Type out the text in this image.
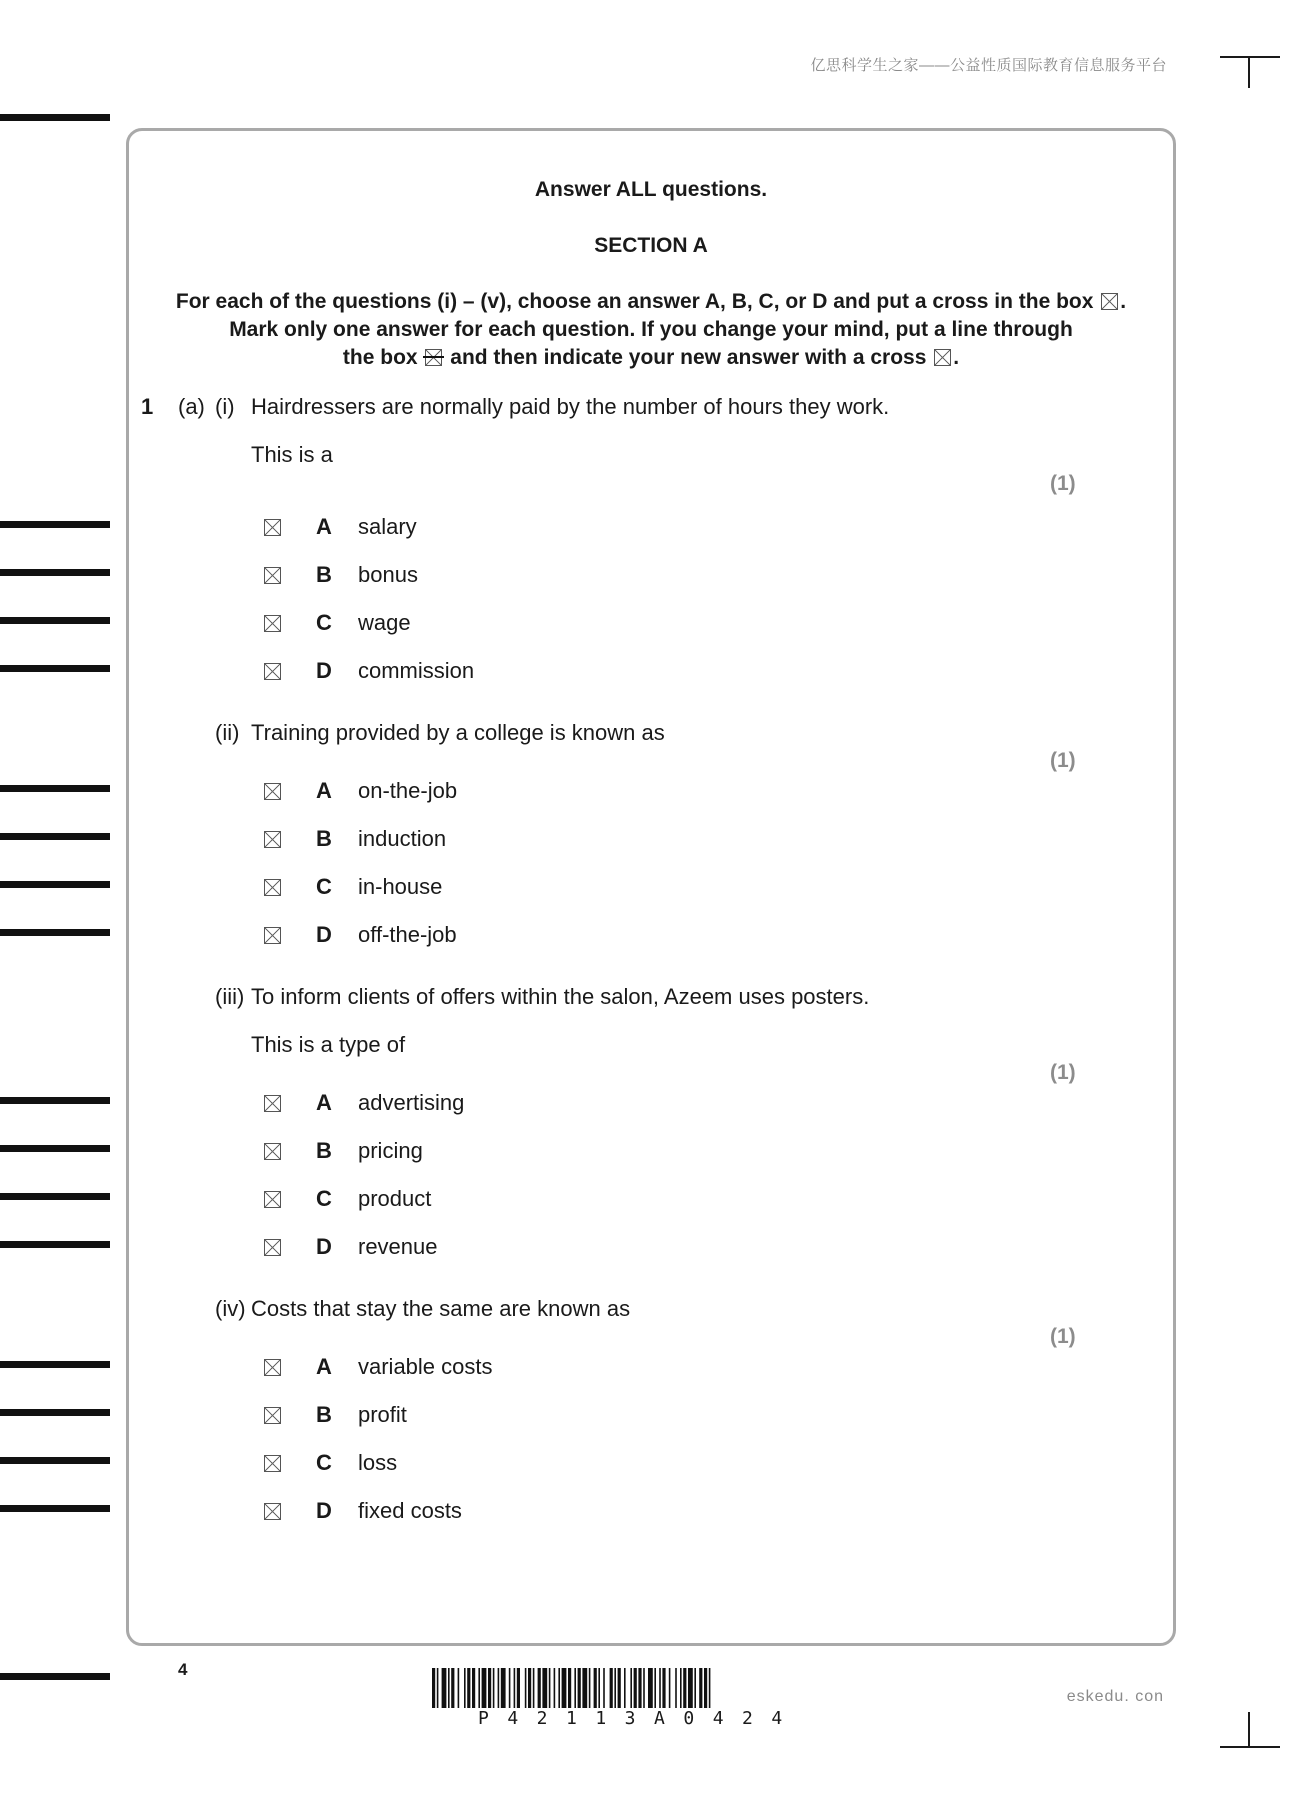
亿思科学生之家——公益性质国际教育信息服务平台
Answer ALL questions.
SECTION A
For each of the questions (i) – (v), choose an answer A, B, C, or D and put a cross in the box ☒ .
Mark only one answer for each question. If you change your mind, put a line through
the box and then indicate your new answer with a cross ☒ .
1 (a) (i) Hairdressers are normally paid by the number of hours they work.
This is a
(1)
A salary
B bonus
C wage
D commission
(ii) Training provided by a college is known as
(1)
A on-the-job
B induction
C in-house
D off-the-job
(iii) To inform clients of offers within the salon, Azeem uses posters.
This is a type of
(1)
A advertising
B pricing
C product
D revenue
(iv) Costs that stay the same are known as
(1)
A variable costs
B profit
C loss
D fixed costs
4
P42113A0424
eskedu. con
